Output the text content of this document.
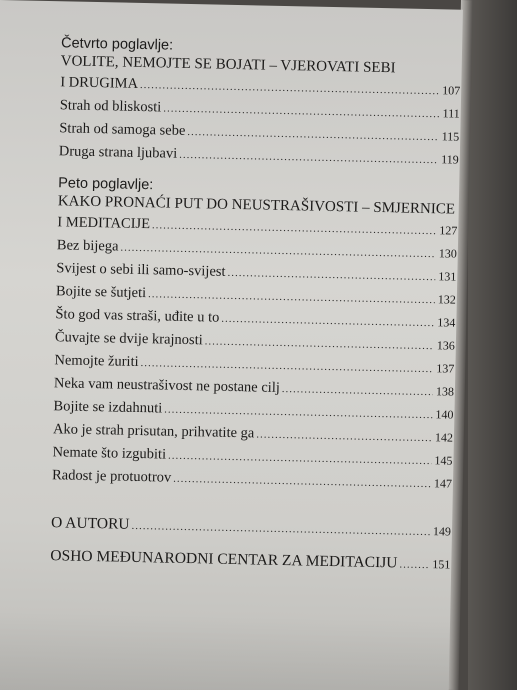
Četvrto poglavlje:

VOLITE, NEMOJTE SE BOJATI – VJEROVATI SEBI
I DRUGIMA .....	107
Strah od bliskosti .....	111
Strah od samoga sebe .....	115
Druga strana ljubavi .....	119

Peto poglavlje:

KAKO PRONAĆI PUT DO NEUSTRAŠIVOSTI – SMJERNICE
I MEDITACIJE .....	127
Bez bijega .....	130
Svijest o sebi ili samo-svijest .....	131
Bojite se šutjeti .....	132
Što god vas straši, uđite u to .....	134
Čuvajte se dvije krajnosti .....	136
Nemojte žuriti .....	137
Neka vam neustrašivost ne postane cilj .....	138
Bojite se izdahnuti .....	140
Ako je strah prisutan, prihvatite ga .....	142
Nemate što izgubiti .....	145
Radost je protuotrov .....	147
O AUTORU .....	149
OSHO MEĐUNARODNI CENTAR ZA MEDITACIJU .....	151
